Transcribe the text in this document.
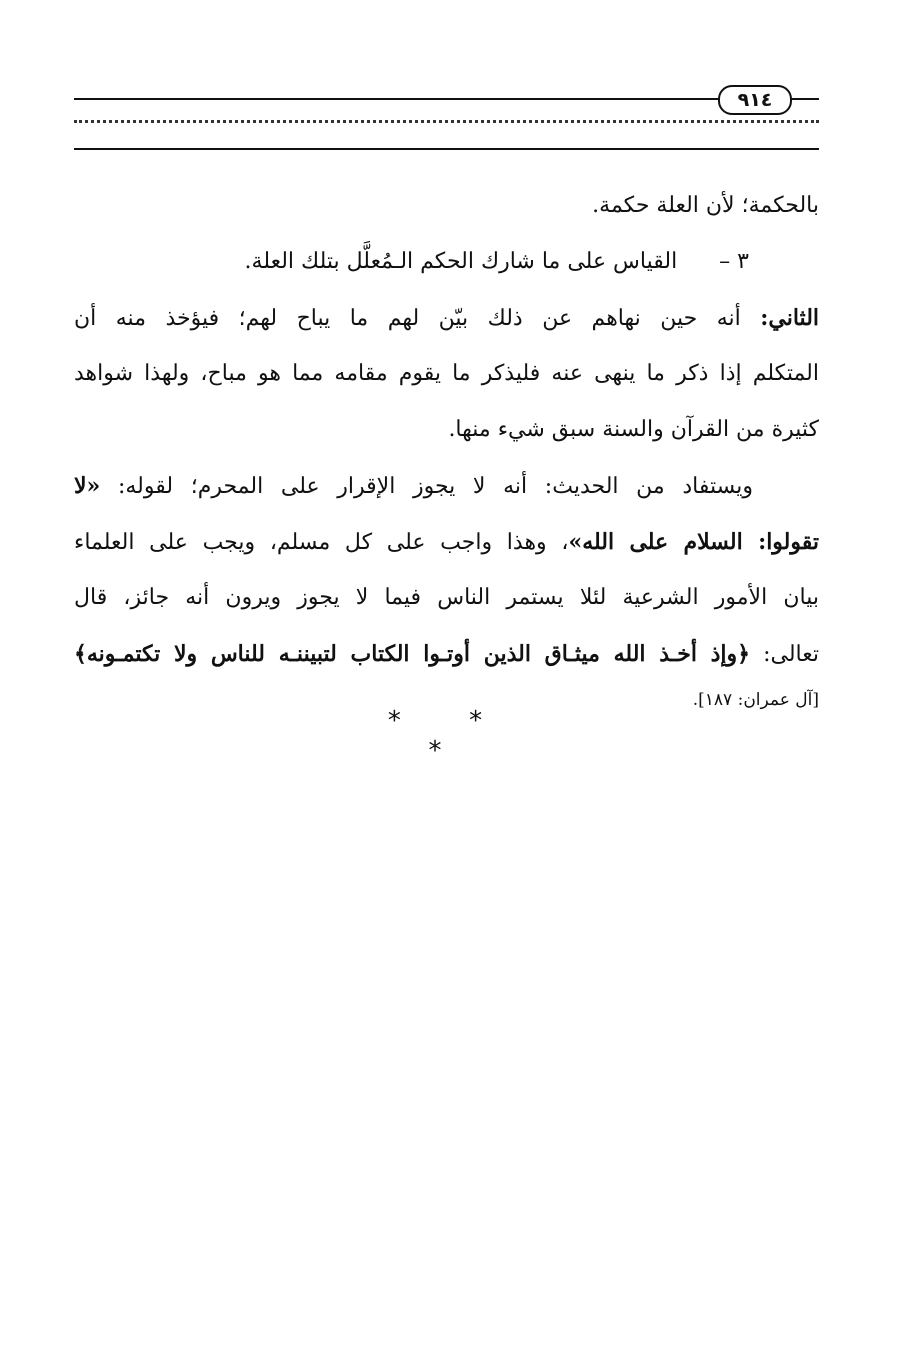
٩١٤
بالحكمة؛ لأن العلة حكمة.
٣ –      القياس على ما شارك الحكم الـمُعلَّل بتلك العلة.
الثاني: أنه حين نهاهم عن ذلك بيّن لهم ما يباح لهم؛ فيؤخذ منه أن
المتكلم إذا ذكر ما ينهى عنه فليذكر ما يقوم مقامه مما هو مباح، ولهذا شواهد
كثيرة من القرآن والسنة سبق شيء منها.
ويستفاد من الحديث: أنه لا يجوز الإقرار على المحرم؛ لقوله: «لا
تقولوا: السلام على الله»، وهذا واجب على كل مسلم، ويجب على العلماء
بيان الأمور الشرعية لئلا يستمر الناس فيما لا يجوز ويرون أنه جائز، قال
تعالى: ﴿وإذ أخـذ الله ميثـاق الذين أوتـوا الكتاب لتبيننـه للناس ولا تكتمـونه﴾
[آل عمران: ١٨٧].
* * *
